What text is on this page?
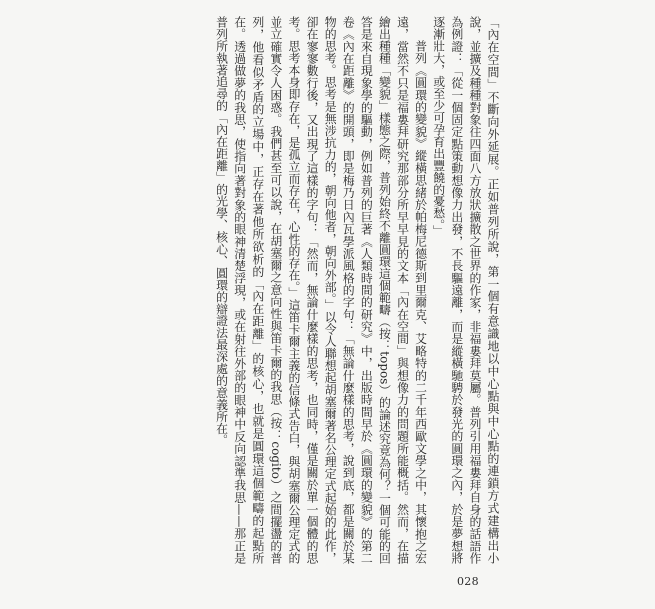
「內在空間」不斷向外延展。正如普列所說，第一個有意識地以中心點與中心點的連鎖方式建構出小說，並擴及種種對象往四面八方放狀擴散之世界的作家，非福婁拜莫屬。普列引用福婁拜自身的話語作為例證：「從一個固定點策動想像力出發，不長驅遠離，而是縱橫馳騁於發光的圓環之內，於是夢想將逐漸壯大，或至少可孕育出豐饒的憂愁。」

普列《圓環的變貌》縱橫思緒於帕梅尼德斯到里爾克、艾略特的二千年西歐文學之中，其懷抱之宏遠，當然不只是福婁拜研究那部分所早早見的文本「內在空間」與想像力的問題所能概括。然而，在描繪出種種「變貌」樣態之際，普列始終不離圓環這個範疇（按：topos）的論述究竟為何？一個可能的回答是來自現象學的驅動，例如普列的巨著《人類時間的研究》中，出版時間早於《圓環的變貌》的第二卷《內在距離》的開頭，即是梅乃日內瓦學派風格的字句：「無論什麼樣的思考，說到底，都是關於某物的思考。思考是無涉抗力的，朝向他者，朝向外部。」以令人聯想起胡塞爾著名公理定式起始的此作，卻在寥寥數行後，又出現了這樣的字句：「然而，無論什麼樣的思考，也同時，僅是關於單一個體的思考。思考本身即存在，是孤立而存在，心性的存在。」這笛卡爾主義的信條式告白，與胡塞爾公理定式的並立確實令人困惑。我們甚至可以說，在胡塞爾之意向性與笛卡爾的我思（按：cogito）之間擺盪的普列，他看似矛盾的立場中，正存在著他所欲析的「內在距離」的核心，也就是圓環這個範疇的起點所在。透過做夢的我思，使指向著對象的眼神清楚浮現，或在射往外部的眼神中反向認準我思——那正是普列所執著追尋的「內在距離」的光學、核心、圓環的辯證法最深處的意義所在。

028
